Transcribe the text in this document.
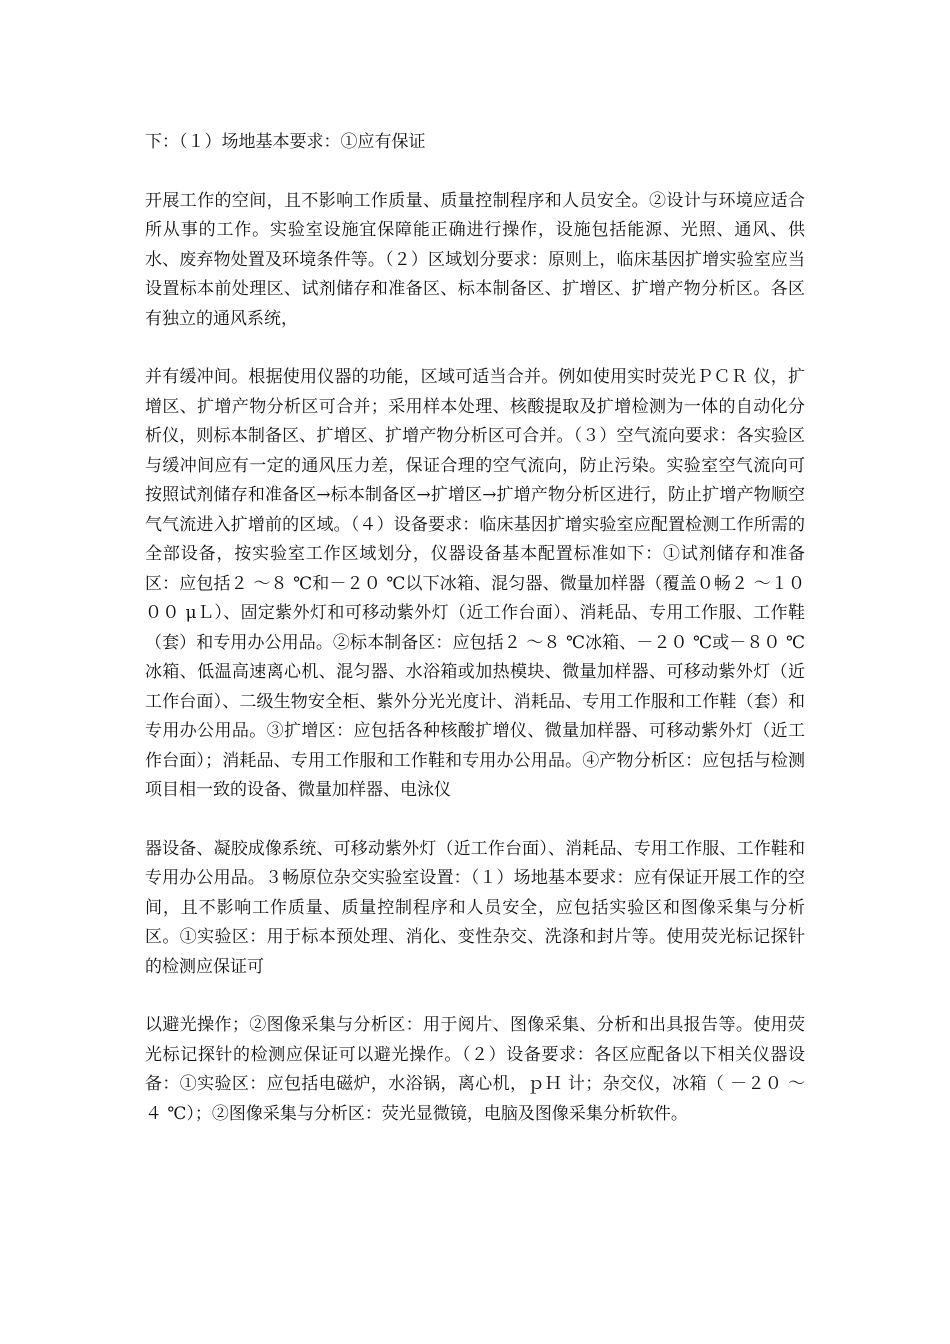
下：（１）场地基本要求：①应有保证

开展工作的空间，且不影响工作质量、质量控制程序和人员安全。②设计与环境应适合所从事的工作。实验室设施宜保障能正确进行操作，设施包括能源、光照、通风、供水、废弃物处置及环境条件等。（２）区域划分要求：原则上，临床基因扩增实验室应当设置标本前处理区、试剂储存和准备区、标本制备区、扩增区、扩增产物分析区。各区有独立的通风系统，

并有缓冲间。根据使用仪器的功能，区域可适当合并。例如使用实时荧光ＰＣＲ 仪，扩增区、扩增产物分析区可合并；采用样本处理、核酸提取及扩增检测为一体的自动化分析仪，则标本制备区、扩增区、扩增产物分析区可合并。（３）空气流向要求：各实验区与缓冲间应有一定的通风压力差，保证合理的空气流向，防止污染。实验室空气流向可按照试剂储存和准备区→标本制备区→扩增区→扩增产物分析区进行，防止扩增产物顺空气气流进入扩增前的区域。（４）设备要求：临床基因扩增实验室应配置检测工作所需的全部设备，按实验室工作区域划分，仪器设备基本配置标准如下：①试剂储存和准备区：应包括２ ～８ ℃和－２０ ℃以下冰箱、混匀器、微量加样器（覆盖０畅２ ～１０００ μＬ）、固定紫外灯和可移动紫外灯（近工作台面）、消耗品、专用工作服、工作鞋（套）和专用办公用品。②标本制备区：应包括２ ～８ ℃冰箱、－２０ ℃或－８０ ℃冰箱、低温高速离心机、混匀器、水浴箱或加热模块、微量加样器、可移动紫外灯（近工作台面）、二级生物安全柜、紫外分光光度计、消耗品、专用工作服和工作鞋（套）和专用办公用品。③扩增区：应包括各种核酸扩增仪、微量加样器、可移动紫外灯（近工作台面）；消耗品、专用工作服和工作鞋和专用办公用品。④产物分析区：应包括与检测项目相一致的设备、微量加样器、电泳仪

器设备、凝胶成像系统、可移动紫外灯（近工作台面）、消耗品、专用工作服、工作鞋和专用办公用品。３畅原位杂交实验室设置：（１）场地基本要求：应有保证开展工作的空间，且不影响工作质量、质量控制程序和人员安全，应包括实验区和图像采集与分析区。①实验区：用于标本预处理、消化、变性杂交、洗涤和封片等。使用荧光标记探针的检测应保证可

以避光操作；②图像采集与分析区：用于阅片、图像采集、分析和出具报告等。使用荧光标记探针的检测应保证可以避光操作。（２）设备要求：各区应配备以下相关仪器设备：①实验区：应包括电磁炉，水浴锅，离心机，ｐＨ 计；杂交仪，冰箱（ －２０ ～４ ℃）；②图像采集与分析区：荧光显微镜，电脑及图像采集分析软件。
